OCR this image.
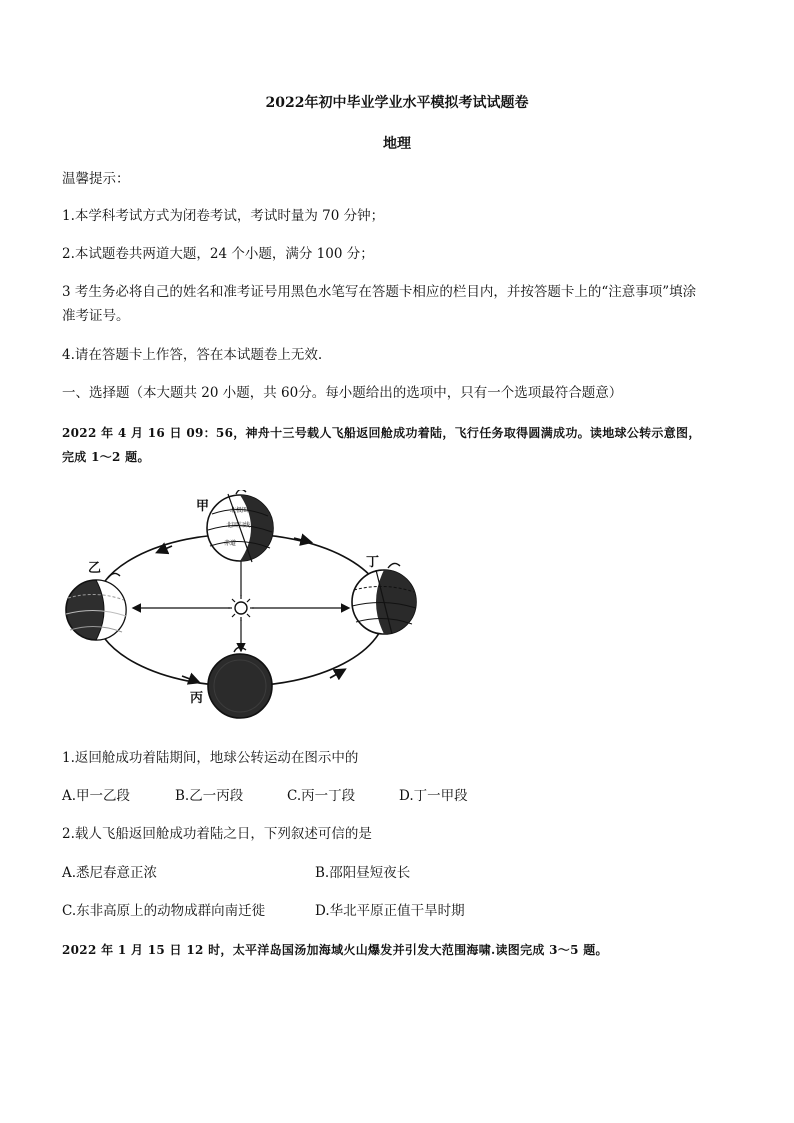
2022年初中毕业学业水平模拟考试试题卷
地理
温馨提示：
1.本学科考试方式为闭卷考试，考试时量为 70 分钟；
2.本试题卷共两道大题，24 个小题，满分 100 分；
3 考生务必将自己的姓名和准考证号用黑色水笔写在答题卡相应的栏目内，并按答题卡上的“注意事项”填涂
准考证号。
4.请在答题卡上作答，答在本试题卷上无效.
一、选择题（本大题共 20 小题，共 60分。每小题给出的选项中，只有一个选项最符合题意）
2022 年 4 月 16 日 09：56，神舟十三号载人飞船返回舱成功着陆，飞行任务取得圆满成功。读地球公转示意图，
完成 1～2 题。
北极圈
北回归线
赤道
甲
乙
丙
丁
1.返回舱成功着陆期间，地球公转运动在图示中的
A.甲一乙段	B.乙一丙段	C.丙一丁段	D.丁一甲段
2.载人飞船返回舱成功着陆之日，下列叙述可信的是
A.悉尼春意正浓	B.邵阳昼短夜长
C.东非高原上的动物成群向南迁徙	D.华北平原正值干旱时期
2022 年 1 月 15 日 12 时，太平洋岛国汤加海域火山爆发并引发大范围海啸.读图完成 3～5 题。
